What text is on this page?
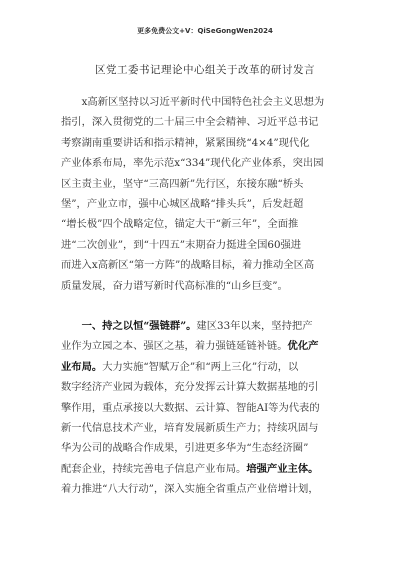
更多免费公文+V：QiSeGongWen2024
区党工委书记理论中心组关于改革的研讨发言
　　x高新区坚持以习近平新时代中国特色社会主义思想为
指引，深入贯彻党的二十届三中全会精神、习近平总书记
考察湖南重要讲话和指示精神，紧紧围绕“4×4”现代化
产业体系布局，率先示范x“334”现代化产业体系，突出园
区主责主业，坚守“三高四新”先行区，东接东融“桥头
堡”，产业立市，强中心城区战略“排头兵”，后发赶超
“增长极”四个战略定位，锚定大干“新三年”，全面推
进“二次创业”，到“十四五”末期奋力挺进全国60强进
而进入x高新区“第一方阵”的战略目标，着力推动全区高
质量发展，奋力谱写新时代高标准的“山乡巨变”。
　　一、持之以恒“强链群”。建区33年以来，坚持把产
业作为立园之本、强区之基，着力强链延链补链。优化产
业布局。大力实施“智赋万企”和“两上三化”行动，以
数字经济产业园为载体，充分发挥云计算大数据基地的引
擎作用，重点承接以大数据、云计算、智能AI等为代表的
新一代信息技术产业，培育发展新质生产力；持续巩固与
华为公司的战略合作成果，引进更多华为“生态经济圈”
配套企业，持续完善电子信息产业布局。培强产业主体。
着力推进“八大行动”，深入实施全省重点产业倍增计划，
